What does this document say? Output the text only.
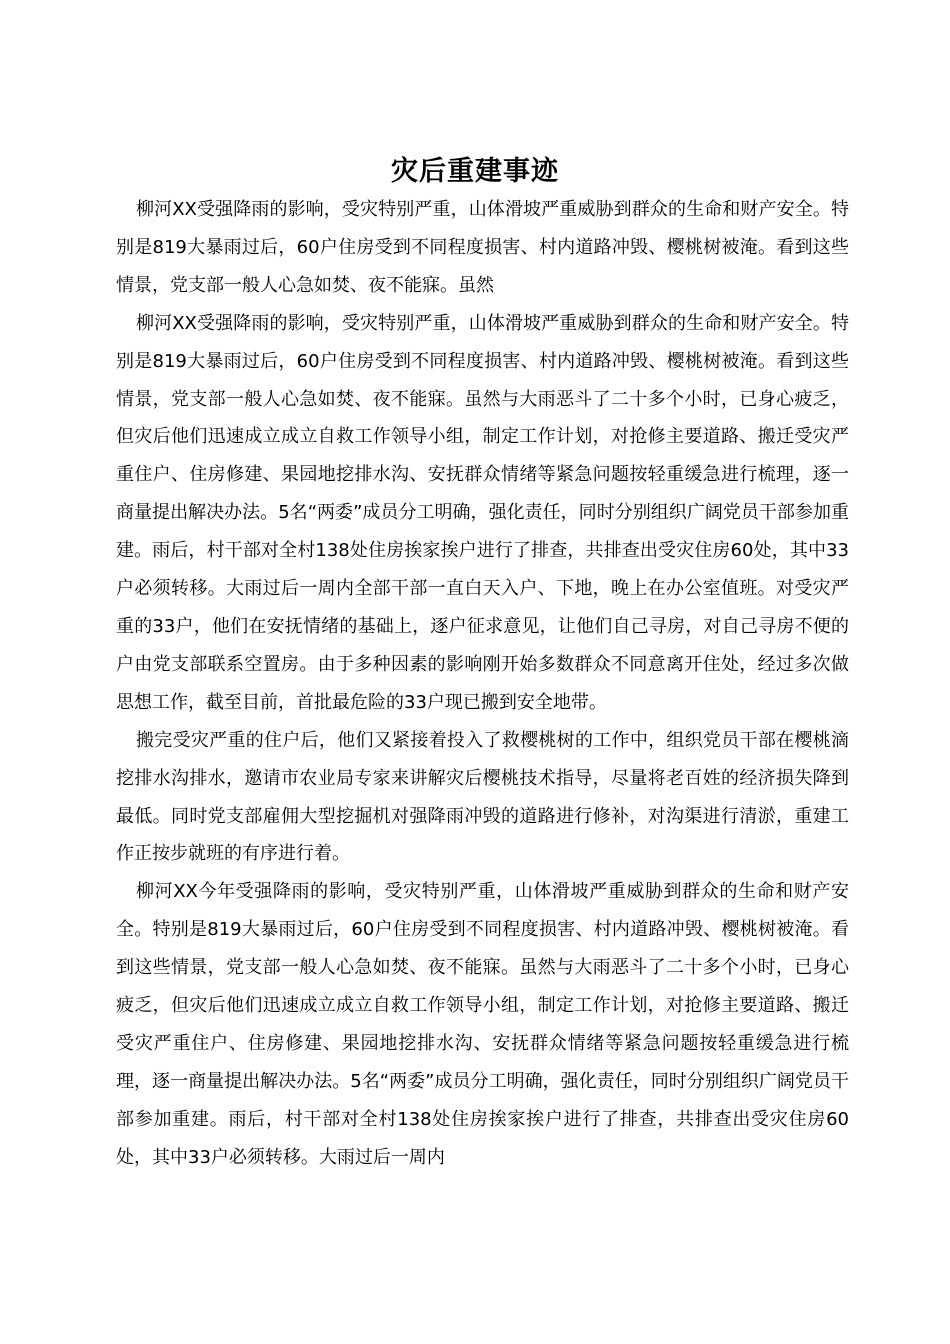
灾后重建事迹

柳河XX受强降雨的影响，受灾特别严重，山体滑坡严重威胁到群众的生命和财产安全。特别是819大暴雨过后，60户住房受到不同程度损害、村内道路冲毁、樱桃树被淹。看到这些情景，党支部一般人心急如焚、夜不能寐。虽然

柳河XX受强降雨的影响，受灾特别严重，山体滑坡严重威胁到群众的生命和财产安全。特别是819大暴雨过后，60户住房受到不同程度损害、村内道路冲毁、樱桃树被淹。看到这些情景，党支部一般人心急如焚、夜不能寐。虽然与大雨恶斗了二十多个小时，已身心疲乏，但灾后他们迅速成立成立自救工作领导小组，制定工作计划，对抢修主要道路、搬迁受灾严重住户、住房修建、果园地挖排水沟、安抚群众情绪等紧急问题按轻重缓急进行梳理，逐一商量提出解决办法。5名“两委”成员分工明确，强化责任，同时分别组织广阔党员干部参加重建。雨后，村干部对全村138处住房挨家挨户进行了排查，共排查出受灾住房60处，其中33户必须转移。大雨过后一周内全部干部一直白天入户、下地，晚上在办公室值班。对受灾严重的33户，他们在安抚情绪的基础上，逐户征求意见，让他们自己寻房，对自己寻房不便的户由党支部联系空置房。由于多种因素的影响刚开始多数群众不同意离开住处，经过多次做思想工作，截至目前，首批最危险的33户现已搬到安全地带。

搬完受灾严重的住户后，他们又紧接着投入了救樱桃树的工作中，组织党员干部在樱桃滴挖排水沟排水，邀请市农业局专家来讲解灾后樱桃技术指导，尽量将老百姓的经济损失降到最低。同时党支部雇佣大型挖掘机对强降雨冲毁的道路进行修补，对沟渠进行清淤，重建工作正按步就班的有序进行着。

柳河XX今年受强降雨的影响，受灾特别严重，山体滑坡严重威胁到群众的生命和财产安全。特别是819大暴雨过后，60户住房受到不同程度损害、村内道路冲毁、樱桃树被淹。看到这些情景，党支部一般人心急如焚、夜不能寐。虽然与大雨恶斗了二十多个小时，已身心疲乏，但灾后他们迅速成立成立自救工作领导小组，制定工作计划，对抢修主要道路、搬迁受灾严重住户、住房修建、果园地挖排水沟、安抚群众情绪等紧急问题按轻重缓急进行梳理，逐一商量提出解决办法。5名“两委”成员分工明确，强化责任，同时分别组织广阔党员干部参加重建。雨后，村干部对全村138处住房挨家挨户进行了排查，共排查出受灾住房60处，其中33户必须转移。大雨过后一周内
